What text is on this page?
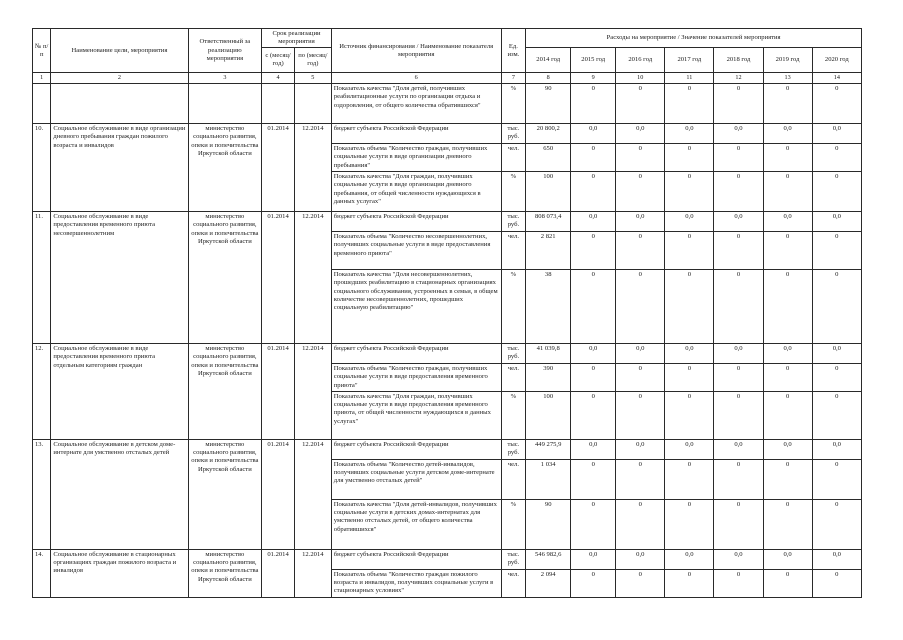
№ п/п	Наименование цели, мероприятия	Ответственный за реализацию мероприятия	Срок реализации мероприятия		Источник финансирования / Наименование показателя мероприятия	Ед. изм.	Расходы на мероприятие / Значение показателей мероприятия						
			с (месяц/год)	по (месяц/год)			2014 год	2015 год	2016 год	2017 год	2018 год	2019 год	2020 год
1	2	3	4	5	6	7	8	9	10	11	12	13	14
					Показатель качества "Доля детей, получивших реабилитационные услуги по организации отдыха и оздоровления, от общего количества обратившихся"	%	90	0	0	0	0	0	0
10.	Социальное обслуживание в виде организации дневного пребывания граждан пожилого возраста и инвалидов	министерство социального развития, опеки и попечительства Иркутской области	01.2014	12.2014	бюджет субъекта Российской Федерации	тыс. руб.	20 800,2	0,0	0,0	0,0	0,0	0,0	0,0
					Показатель объема "Количество граждан, получивших социальные услуги в виде организации дневного пребывания"	чел.	650	0	0	0	0	0	0
					Показатель качества "Доля граждан, получивших социальные услуги в виде организации дневного пребывания, от общей численности нуждающихся в данных услугах"	%	100	0	0	0	0	0	0
11.	Социальное обслуживание в виде предоставления временного приюта несовершеннолетним	министерство социального развития, опеки и попечительства Иркутской области	01.2014	12.2014	бюджет субъекта Российской Федерации	тыс. руб.	808 073,4	0,0	0,0	0,0	0,0	0,0	0,0
					Показатель объема "Количество несовершеннолетних, получивших социальные услуги в виде предоставления временного приюта"	чел.	2 821	0	0	0	0	0	0
					Показатель качества "Доля несовершеннолетних, прошедших реабилитацию в стационарных организациях социального обслуживания, устроенных в семьи, в общем количестве несовершеннолетних, прошедших социальную реабилитацию"	%	38	0	0	0	0	0	0
12.	Социальное обслуживание в виде предоставления временного приюта отдельным категориям граждан	министерство социального развития, опеки и попечительства Иркутской области	01.2014	12.2014	бюджет субъекта Российской Федерации	тыс. руб.	41 039,8	0,0	0,0	0,0	0,0	0,0	0,0
					Показатель объема "Количество граждан, получивших социальные услуги в виде предоставления временного приюта"	чел.	390	0	0	0	0	0	0
					Показатель качества "Доля граждан, получивших социальные услуги в виде предоставления временного приюта, от общей численности нуждающихся в данных услугах"	%	100	0	0	0	0	0	0
13.	Социальное обслуживание в детском доме-интернате для умственно отсталых детей	министерство социального развития, опеки и попечительства Иркутской области	01.2014	12.2014	бюджет субъекта Российской Федерации	тыс. руб.	449 275,9	0,0	0,0	0,0	0,0	0,0	0,0
					Показатель объема "Количество детей-инвалидов, получивших социальные услуги детском доме-интернате для умственно отсталых детей"	чел.	1 034	0	0	0	0	0	0
					Показатель качества "Доля детей-инвалидов, получивших социальные услуги в детских домах-интернатах для умственно отсталых детей, от общего количества обратившихся"	%	90	0	0	0	0	0	0
14.	Социальное обслуживание в стационарных организациях граждан пожилого возраста и инвалидов	министерство социального развития, опеки и попечительства Иркутской области	01.2014	12.2014	бюджет субъекта Российской Федерации	тыс. руб.	546 982,6	0,0	0,0	0,0	0,0	0,0	0,0
					Показатель объема "Количество граждан пожилого возраста и инвалидов, получивших социальные услуги в стационарных условиях"	чел.	2 094	0	0	0	0	0	0
